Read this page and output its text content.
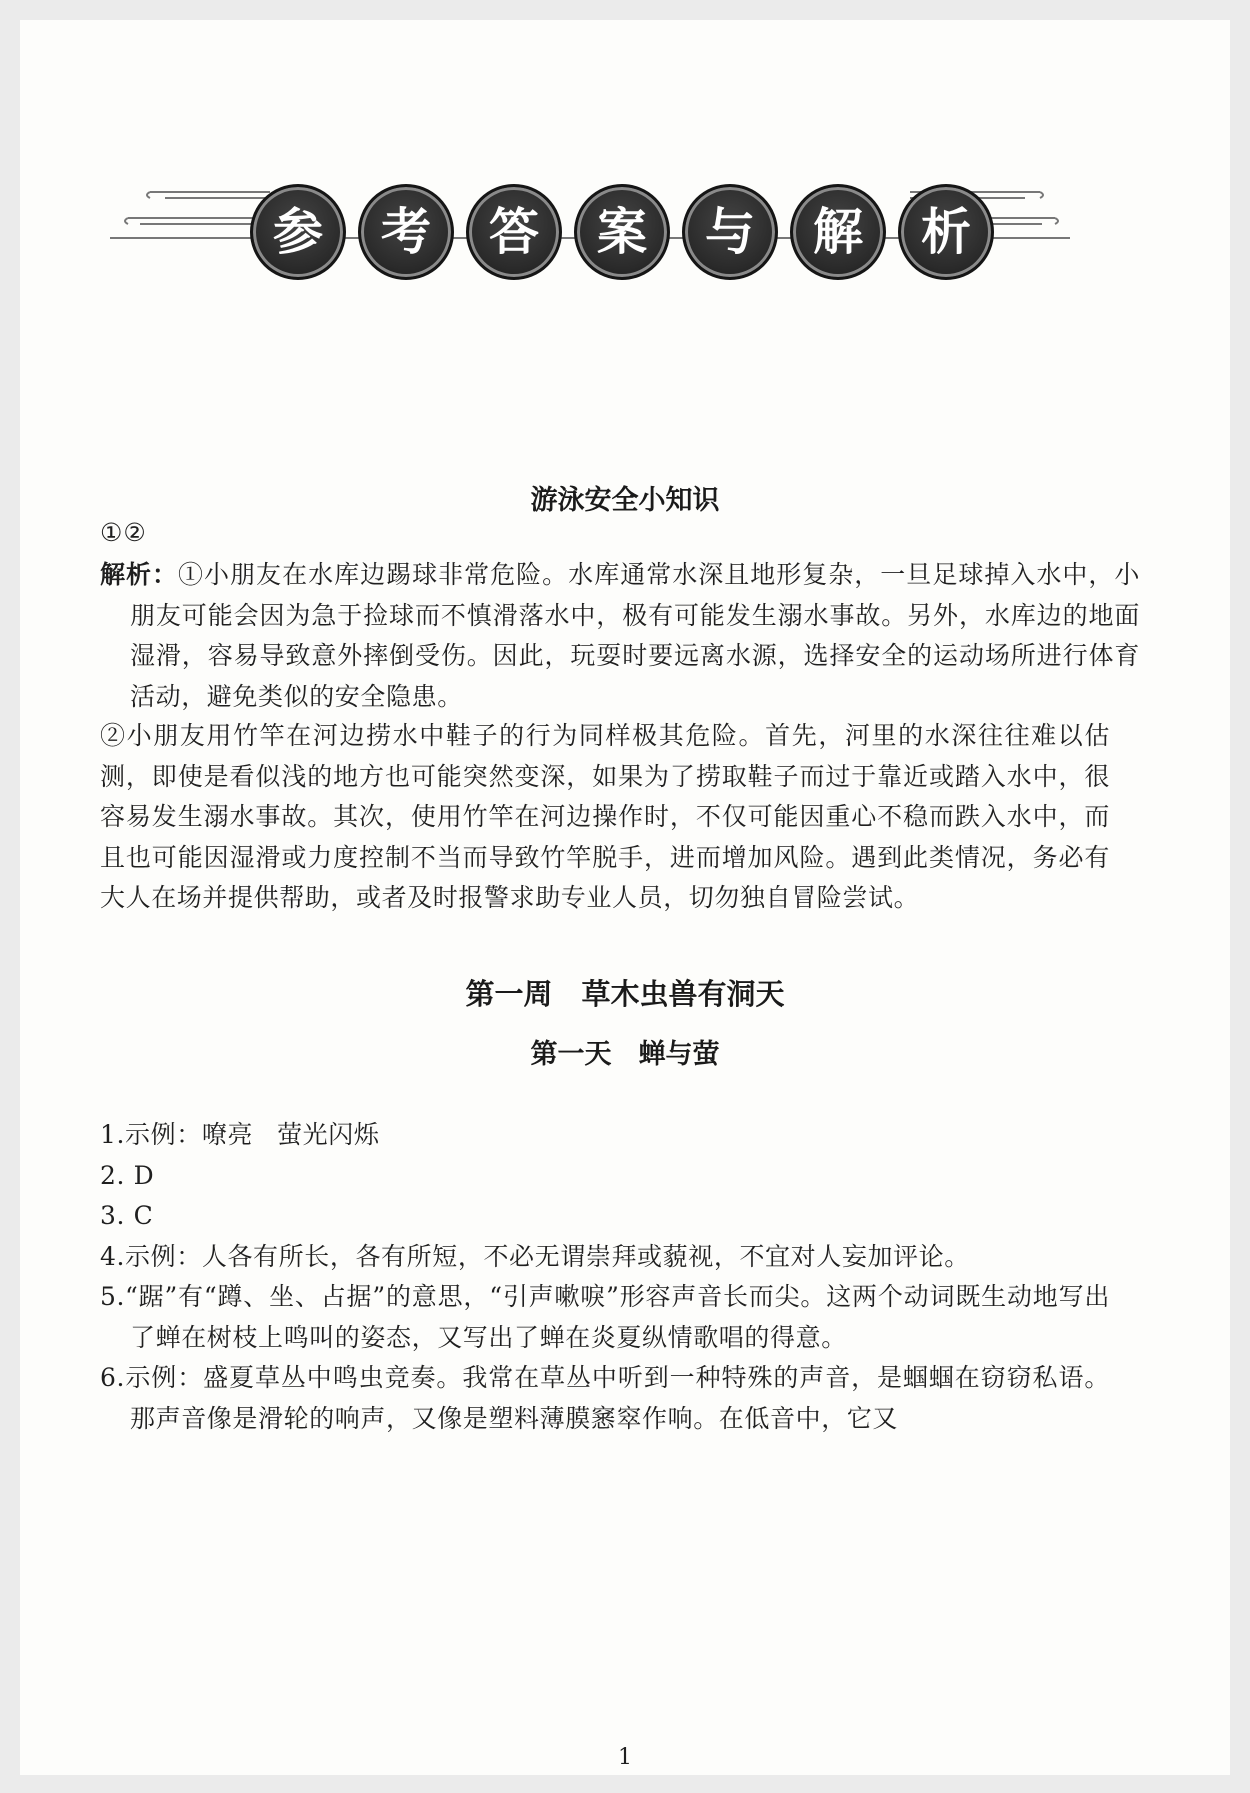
参	考	答	案	与	解	析
游泳安全小知识
①②
解析：①小朋友在水库边踢球非常危险。水库通常水深且地形复杂，一旦足球掉入水中，小朋友可能会因为急于捡球而不慎滑落水中，极有可能发生溺水事故。另外，水库边的地面湿滑，容易导致意外摔倒受伤。因此，玩耍时要远离水源，选择安全的运动场所进行体育活动，避免类似的安全隐患。
②小朋友用竹竿在河边捞水中鞋子的行为同样极其危险。首先，河里的水深往往难以估测，即使是看似浅的地方也可能突然变深，如果为了捞取鞋子而过于靠近或踏入水中，很容易发生溺水事故。其次，使用竹竿在河边操作时，不仅可能因重心不稳而跌入水中，而且也可能因湿滑或力度控制不当而导致竹竿脱手，进而增加风险。遇到此类情况，务必有大人在场并提供帮助，或者及时报警求助专业人员，切勿独自冒险尝试。
第一周　草木虫兽有洞天
第一天　蝉与萤
1.示例：嘹亮 萤光闪烁
2. D
3. C
4.示例：人各有所长，各有所短，不必无谓崇拜或藐视，不宜对人妄加评论。
5.“踞”有“蹲、坐、占据”的意思，“引声嗽唳”形容声音长而尖。这两个动词既生动地写出了蝉在树枝上鸣叫的姿态，又写出了蝉在炎夏纵情歌唱的得意。
6.示例：盛夏草丛中鸣虫竞奏。我常在草丛中听到一种特殊的声音，是蝈蝈在窃窃私语。那声音像是滑轮的响声，又像是塑料薄膜窸窣作响。在低音中，它又
1
